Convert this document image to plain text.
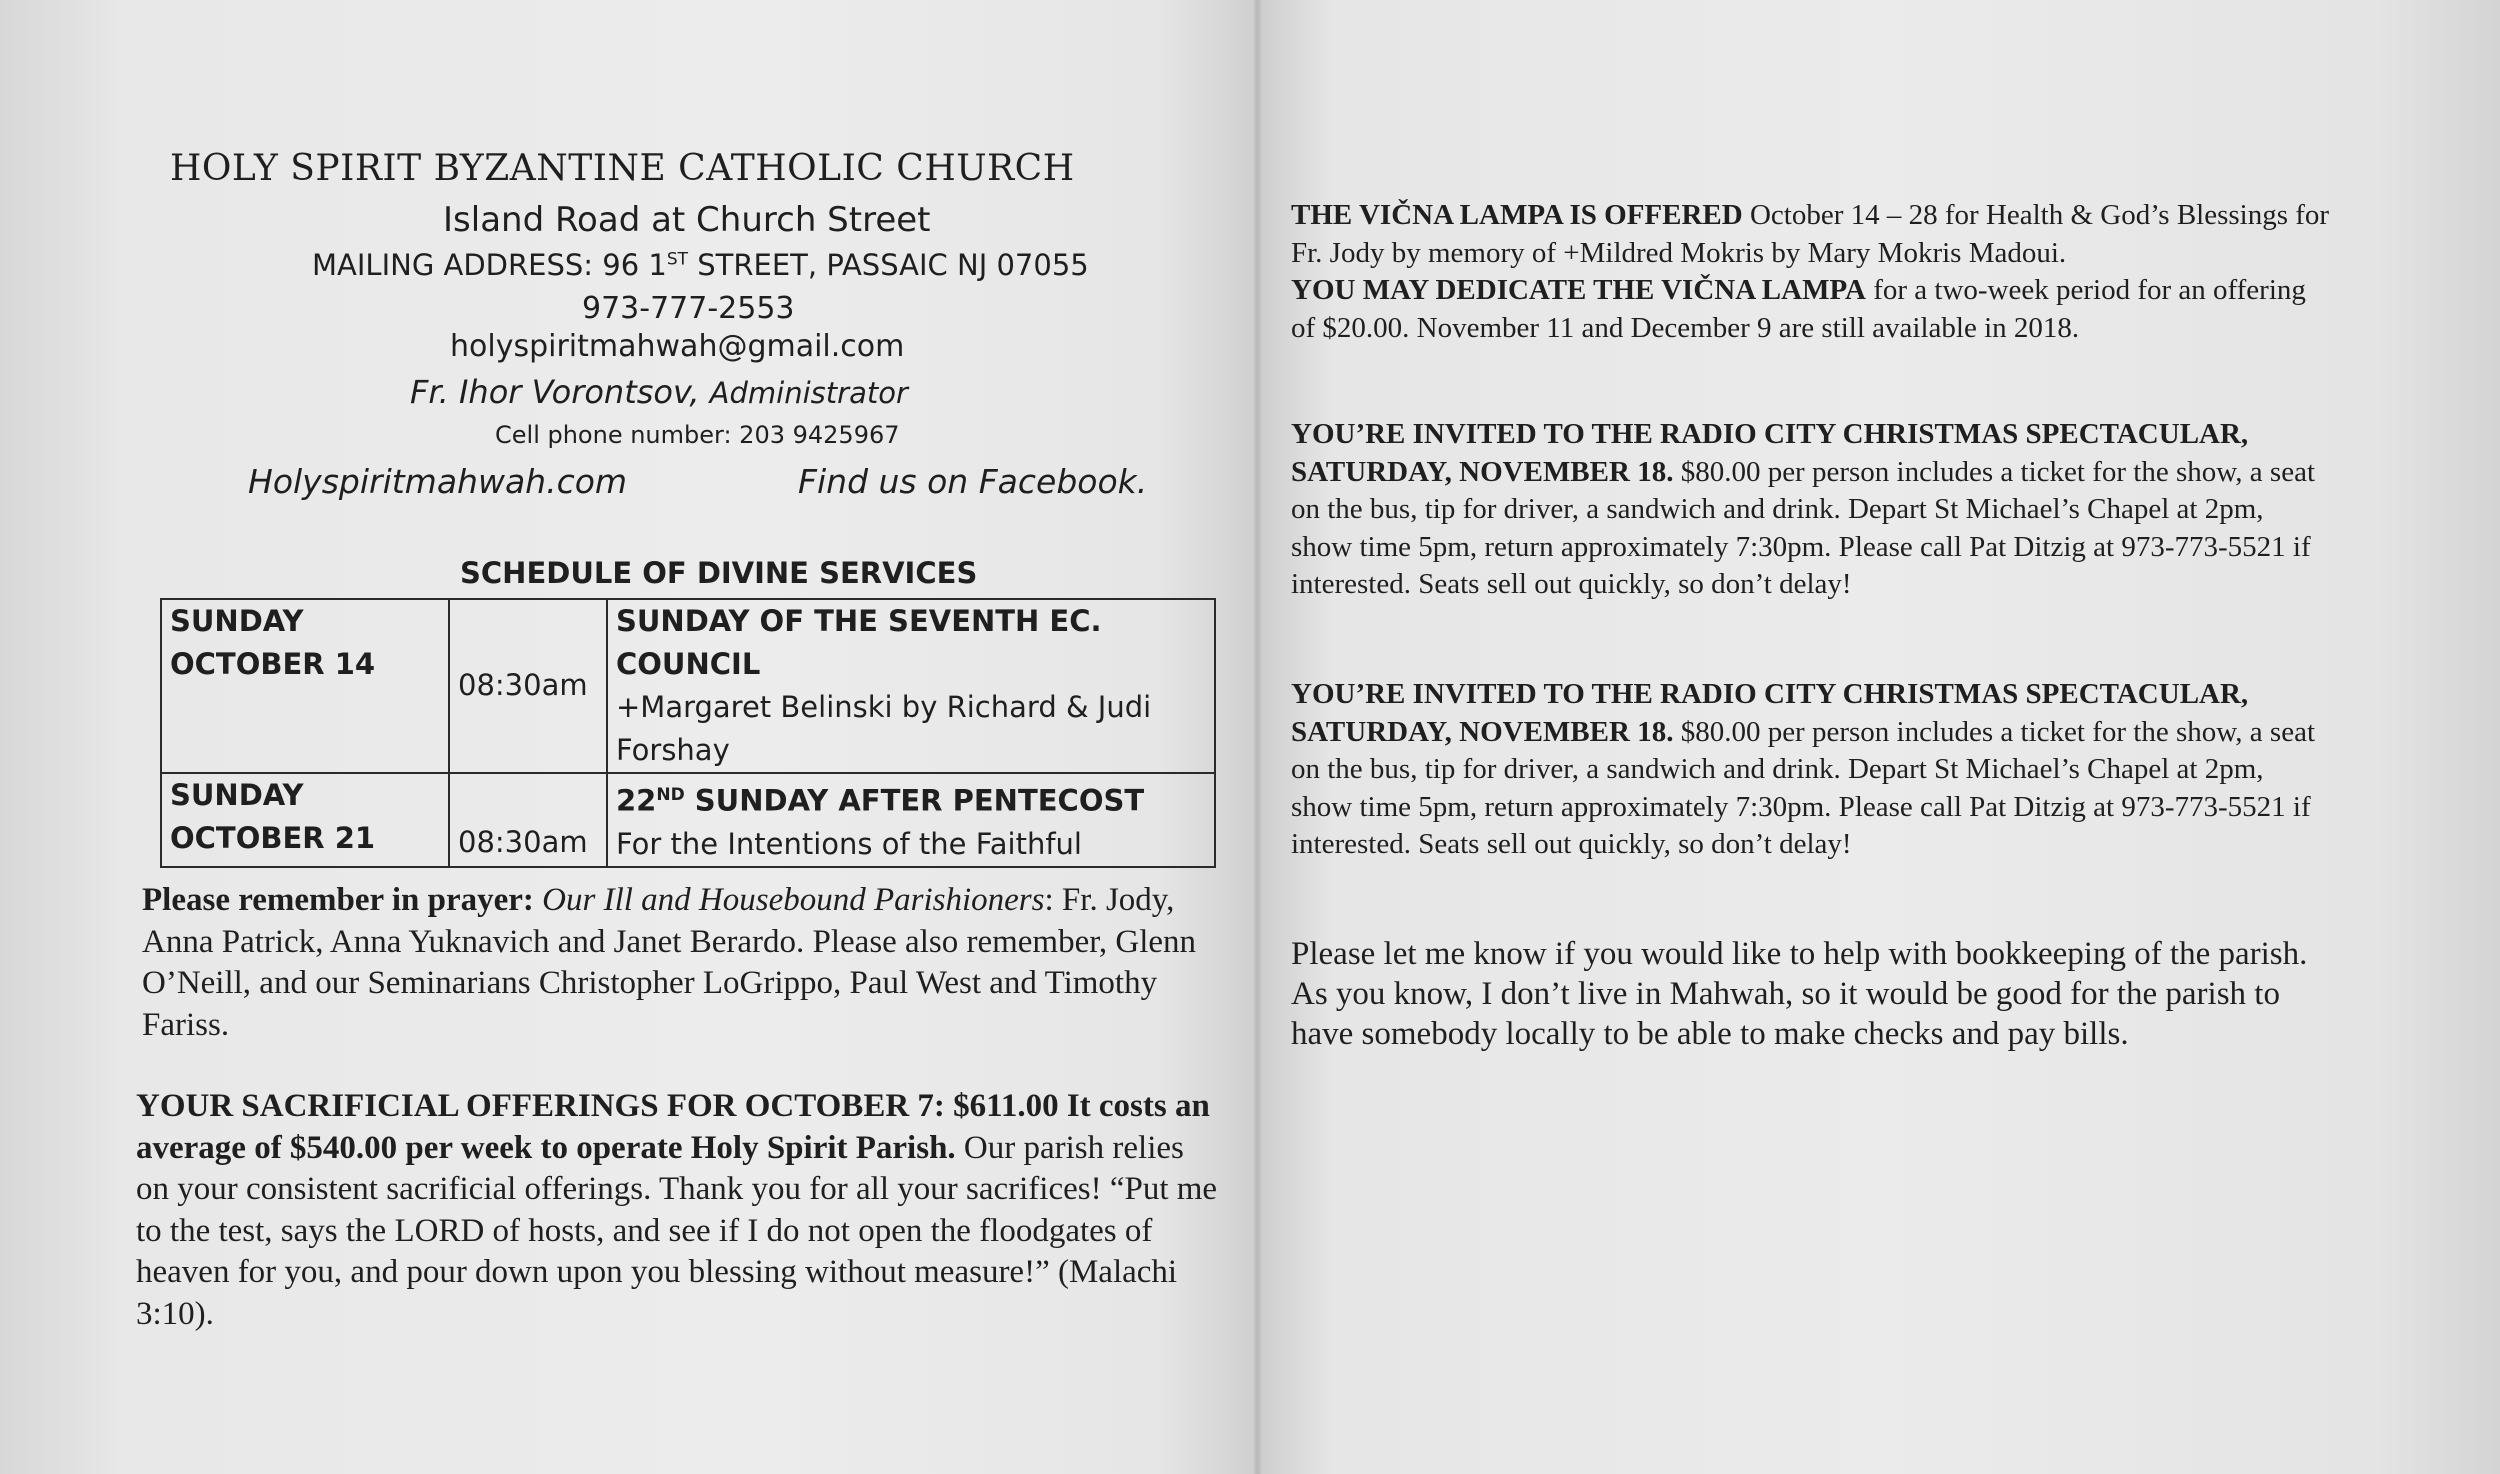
HOLY SPIRIT BYZANTINE CATHOLIC CHURCH
Island Road at Church Street
MAILING ADDRESS: 96 1ST STREET, PASSAIC NJ 07055
973-777-2553
holyspiritmahwah@gmail.com
Fr. Ihor Vorontsov, Administrator
Cell phone number: 203 9425967
Holyspiritmahwah.com	Find us on Facebook.
SCHEDULE OF DIVINE SERVICES
SUNDAY
OCTOBER 14	08:30am	SUNDAY OF THE SEVENTH EC. COUNCIL
+Margaret Belinski by Richard & Judi Forshay
SUNDAY
OCTOBER 21	08:30am	22ND SUNDAY AFTER PENTECOST
For the Intentions of the Faithful
Please remember in prayer: Our Ill and Housebound Parishioners: Fr. Jody, Anna Patrick, Anna Yuknavich and Janet Berardo. Please also remember, Glenn O’Neill, and our Seminarians Christopher LoGrippo, Paul West and Timothy Fariss.
YOUR SACRIFICIAL OFFERINGS FOR OCTOBER 7: $611.00 It costs an average of $540.00 per week to operate Holy Spirit Parish. Our parish relies on your consistent sacrificial offerings. Thank you for all your sacrifices! “Put me to the test, says the LORD of hosts, and see if I do not open the floodgates of heaven for you, and pour down upon you blessing without measure!” (Malachi 3:10).
THE VIČNA LAMPA IS OFFERED October 14 – 28 for Health & God’s Blessings for Fr. Jody by memory of +Mildred Mokris by Mary Mokris Madoui.
YOU MAY DEDICATE THE VIČNA LAMPA for a two-week period for an offering of $20.00. November 11 and December 9 are still available in 2018.
YOU’RE INVITED TO THE RADIO CITY CHRISTMAS SPECTACULAR, SATURDAY, NOVEMBER 18. $80.00 per person includes a ticket for the show, a seat on the bus, tip for driver, a sandwich and drink. Depart St Michael’s Chapel at 2pm, show time 5pm, return approximately 7:30pm. Please call Pat Ditzig at 973-773-5521 if interested. Seats sell out quickly, so don’t delay!
YOU’RE INVITED TO THE RADIO CITY CHRISTMAS SPECTACULAR, SATURDAY, NOVEMBER 18. $80.00 per person includes a ticket for the show, a seat on the bus, tip for driver, a sandwich and drink. Depart St Michael’s Chapel at 2pm, show time 5pm, return approximately 7:30pm. Please call Pat Ditzig at 973-773-5521 if interested. Seats sell out quickly, so don’t delay!
Please let me know if you would like to help with bookkeeping of the parish. As you know, I don’t live in Mahwah, so it would be good for the parish to have somebody locally to be able to make checks and pay bills.
